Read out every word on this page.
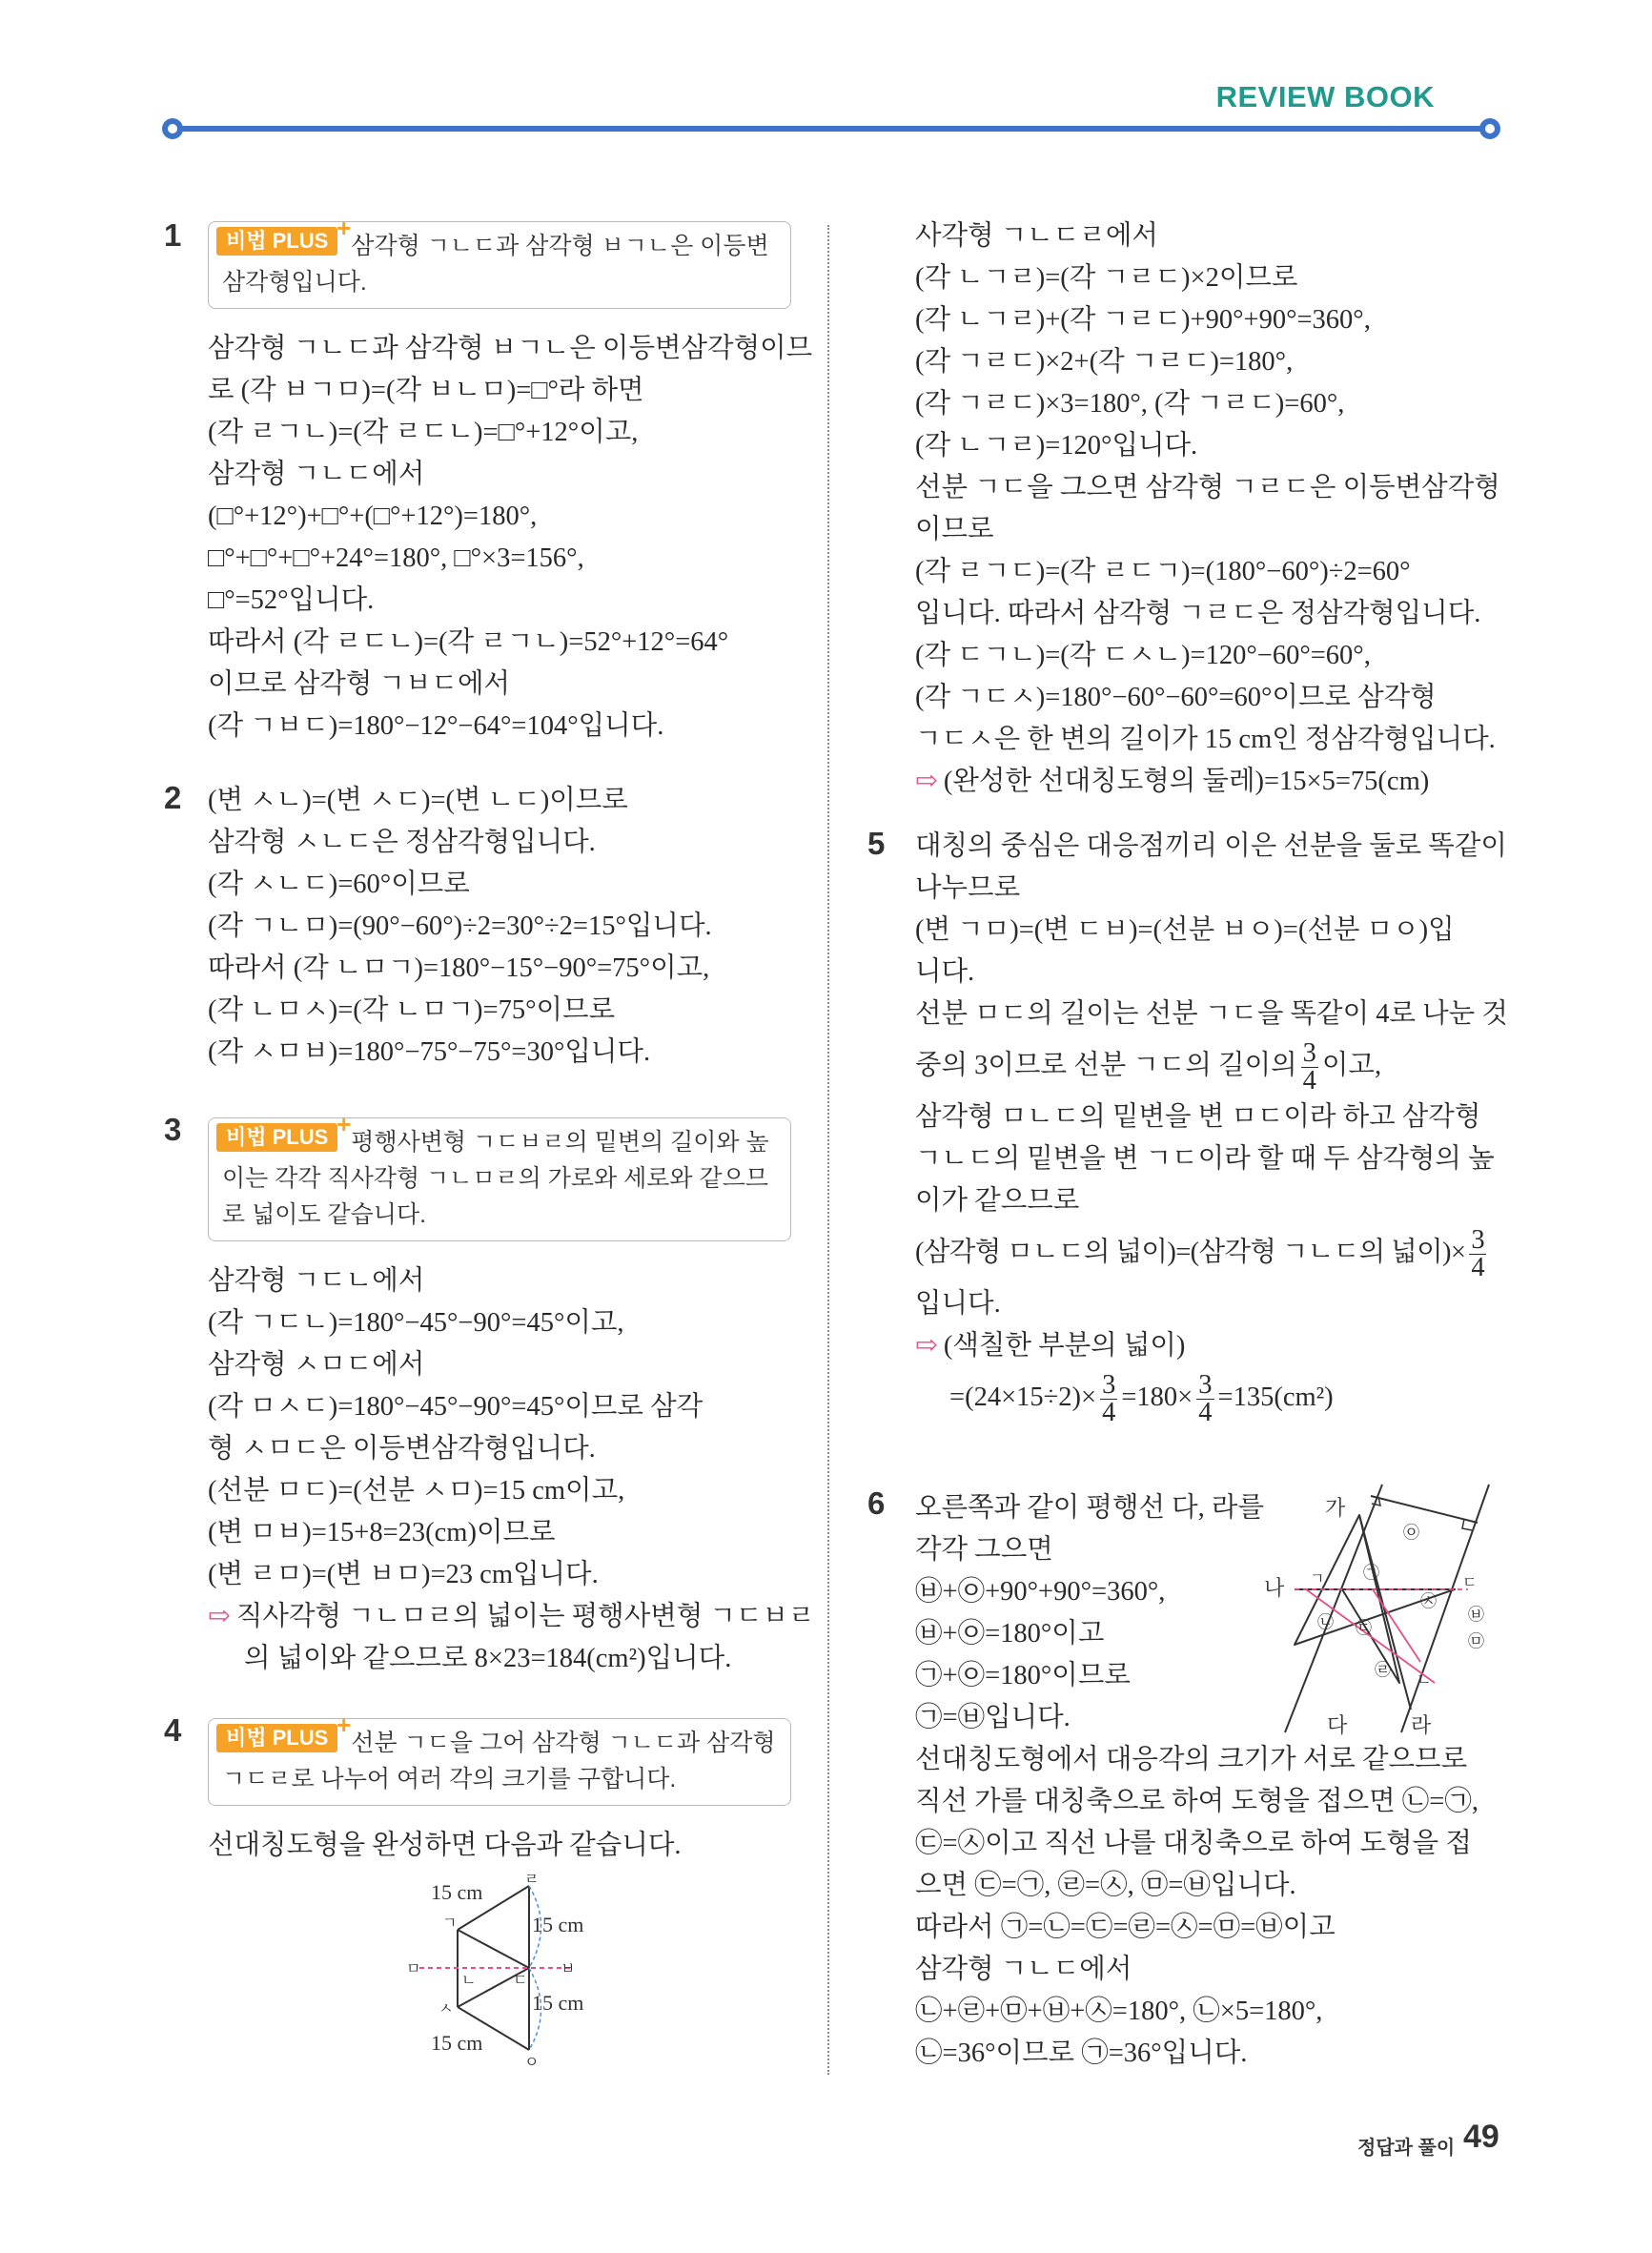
REVIEW BOOK
1	비법 PLUS + 삼각형 ㄱㄴㄷ과 삼각형 ㅂㄱㄴ은 이등변삼각형입니다.
삼각형 ㄱㄴㄷ과 삼각형 ㅂㄱㄴ은 이등변삼각형이므
로 (각 ㅂㄱㅁ)=(각 ㅂㄴㅁ)=□°라 하면
(각 ㄹㄱㄴ)=(각 ㄹㄷㄴ)=□°+12°이고,
삼각형 ㄱㄴㄷ에서
(□°+12°)+□°+(□°+12°)=180°,
□°+□°+□°+24°=180°, □°×3=156°,
□°=52°입니다.
따라서 (각 ㄹㄷㄴ)=(각 ㄹㄱㄴ)=52°+12°=64°
이므로 삼각형 ㄱㅂㄷ에서
(각 ㄱㅂㄷ)=180°−12°−64°=104°입니다.
2 (변 ㅅㄴ)=(변 ㅅㄷ)=(변 ㄴㄷ)이므로
삼각형 ㅅㄴㄷ은 정삼각형입니다.
(각 ㅅㄴㄷ)=60°이므로
(각 ㄱㄴㅁ)=(90°−60°)÷2=30°÷2=15°입니다.
따라서 (각 ㄴㅁㄱ)=180°−15°−90°=75°이고,
(각 ㄴㅁㅅ)=(각 ㄴㅁㄱ)=75°이므로
(각 ㅅㅁㅂ)=180°−75°−75°=30°입니다.
3	비법 PLUS + 평행사변형 ㄱㄷㅂㄹ의 밑변의 길이와 높이는 각각 직사각형 ㄱㄴㅁㄹ의 가로와 세로와 같으므로 넓이도 같습니다.
삼각형 ㄱㄷㄴ에서
(각 ㄱㄷㄴ)=180°−45°−90°=45°이고,
삼각형 ㅅㅁㄷ에서
(각 ㅁㅅㄷ)=180°−45°−90°=45°이므로 삼각
형 ㅅㅁㄷ은 이등변삼각형입니다.
(선분 ㅁㄷ)=(선분 ㅅㅁ)=15 cm이고,
(변 ㅁㅂ)=15+8=23(cm)이므로
(변 ㄹㅁ)=(변 ㅂㅁ)=23 cm입니다.
⇨ 직사각형 ㄱㄴㅁㄹ의 넓이는 평행사변형 ㄱㄷㅂㄹ
의 넓이와 같으므로 8×23=184(cm²)입니다.
4	비법 PLUS + 선분 ㄱㄷ을 그어 삼각형 ㄱㄴㄷ과 삼각형 ㄱㄷㄹ로 나누어 여러 각의 크기를 구합니다.
선대칭도형을 완성하면 다음과 같습니다.
15 cm
15 cm
15 cm
15 cm
ㄹ
ㄱ
ㅁ
ㄴ ㄷ
ㅂ
ㅅ
ㅇ
사각형 ㄱㄴㄷㄹ에서
(각 ㄴㄱㄹ)=(각 ㄱㄹㄷ)×2이므로
(각 ㄴㄱㄹ)+(각 ㄱㄹㄷ)+90°+90°=360°,
(각 ㄱㄹㄷ)×2+(각 ㄱㄹㄷ)=180°,
(각 ㄱㄹㄷ)×3=180°, (각 ㄱㄹㄷ)=60°,
(각 ㄴㄱㄹ)=120°입니다.
선분 ㄱㄷ을 그으면 삼각형 ㄱㄹㄷ은 이등변삼각형
이므로
(각 ㄹㄱㄷ)=(각 ㄹㄷㄱ)=(180°−60°)÷2=60°
입니다. 따라서 삼각형 ㄱㄹㄷ은 정삼각형입니다.
(각 ㄷㄱㄴ)=(각 ㄷㅅㄴ)=120°−60°=60°,
(각 ㄱㄷㅅ)=180°−60°−60°=60°이므로 삼각형
ㄱㄷㅅ은 한 변의 길이가 15 cm인 정삼각형입니다.
⇨ (완성한 선대칭도형의 둘레)=15×5=75(cm)
5 대칭의 중심은 대응점끼리 이은 선분을 둘로 똑같이
나누므로
(변 ㄱㅁ)=(변 ㄷㅂ)=(선분 ㅂㅇ)=(선분 ㅁㅇ)입
니다.
선분 ㅁㄷ의 길이는 선분 ㄱㄷ을 똑같이 4로 나눈 것
중의 3이므로 선분 ㄱㄷ의 길이의 $\frac{3}{4}$ 이고,
삼각형 ㅁㄴㄷ의 밑변을 변 ㅁㄷ이라 하고 삼각형
ㄱㄴㄷ의 밑변을 변 ㄱㄷ이라 할 때 두 삼각형의 높
이가 같으므로
(삼각형 ㅁㄴㄷ의 넓이)=(삼각형 ㄱㄴㄷ의 넓이)× $\frac{3}{4}$
입니다.
⇨ (색칠한 부분의 넓이)
$=(24\times 15\div 2)\times \frac{3}{4} =180\times \frac{3}{4} =135(cm^2)$
6 오른쪽과 같이 평행선 다, 라를
각각 그으면
㉥+㉧+90°+90°=360°,
㉥+㉧=180°이고
㉠+㉧=180°이므로
㉠=㉥입니다.
선대칭도형에서 대응각의 크기가 서로 같으므로
직선 가를 대칭축으로 하여 도형을 접으면 ㉡=㉠,
㉢=㉦이고 직선 나를 대칭축으로 하여 도형을 접
으면 ㉢=㉠, ㉣=㉦, ㉤=㉥입니다.
따라서 ㉠=㉡=㉢=㉣=㉦=㉤=㉥이고
삼각형 ㄱㄴㄷ에서
㉡+㉣+㉤+㉥+㉦=180°, ㉡×5=180°,
㉡=36°이므로 ㉠=36°입니다.
가
나
다	라
ㄱ
ㄴ
ㄷ
㉠
㉡ ㉢
㉣
㉤
㉥
㉦
㉧
정답과 풀이 49
